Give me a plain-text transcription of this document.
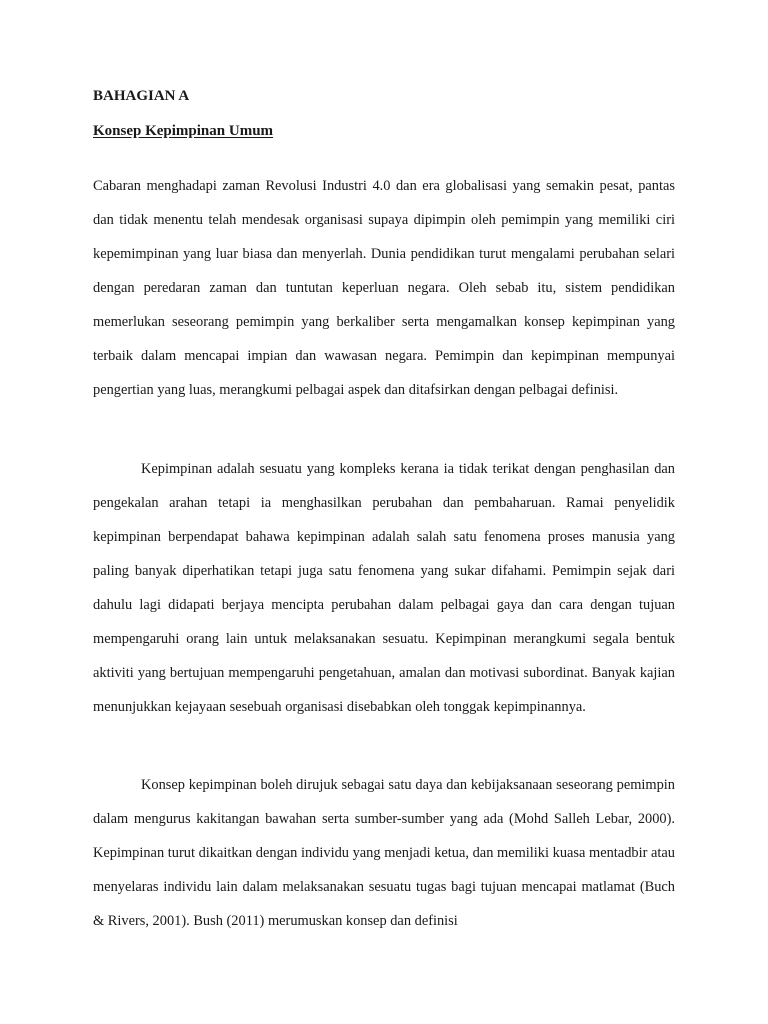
BAHAGIAN A
Konsep Kepimpinan Umum

Cabaran menghadapi zaman Revolusi Industri 4.0 dan era globalisasi yang semakin pesat, pantas dan tidak menentu telah mendesak organisasi supaya dipimpin oleh pemimpin yang memiliki ciri kepemimpinan yang luar biasa dan menyerlah. Dunia pendidikan turut mengalami perubahan selari dengan peredaran zaman dan tuntutan keperluan negara. Oleh sebab itu, sistem pendidikan memerlukan seseorang pemimpin yang berkaliber serta mengamalkan konsep kepimpinan yang terbaik dalam mencapai impian dan wawasan negara. Pemimpin dan kepimpinan mempunyai pengertian yang luas, merangkumi pelbagai aspek dan ditafsirkan dengan pelbagai definisi.

Kepimpinan adalah sesuatu yang kompleks kerana ia tidak terikat dengan penghasilan dan pengekalan arahan tetapi ia menghasilkan perubahan dan pembaharuan. Ramai penyelidik kepimpinan berpendapat bahawa kepimpinan adalah salah satu fenomena proses manusia yang paling banyak diperhatikan tetapi juga satu fenomena yang sukar difahami. Pemimpin sejak dari dahulu lagi didapati berjaya mencipta perubahan dalam pelbagai gaya dan cara dengan tujuan mempengaruhi orang lain untuk melaksanakan sesuatu. Kepimpinan merangkumi segala bentuk aktiviti yang bertujuan mempengaruhi pengetahuan, amalan dan motivasi subordinat. Banyak kajian menunjukkan kejayaan sesebuah organisasi disebabkan oleh tonggak kepimpinannya.

Konsep kepimpinan boleh dirujuk sebagai satu daya dan kebijaksanaan seseorang pemimpin dalam mengurus kakitangan bawahan serta sumber-sumber yang ada (Mohd Salleh Lebar, 2000). Kepimpinan turut dikaitkan dengan individu yang menjadi ketua, dan memiliki kuasa mentadbir atau menyelaras individu lain dalam melaksanakan sesuatu tugas bagi tujuan mencapai matlamat (Buch & Rivers, 2001). Bush (2011) merumuskan konsep dan definisi
